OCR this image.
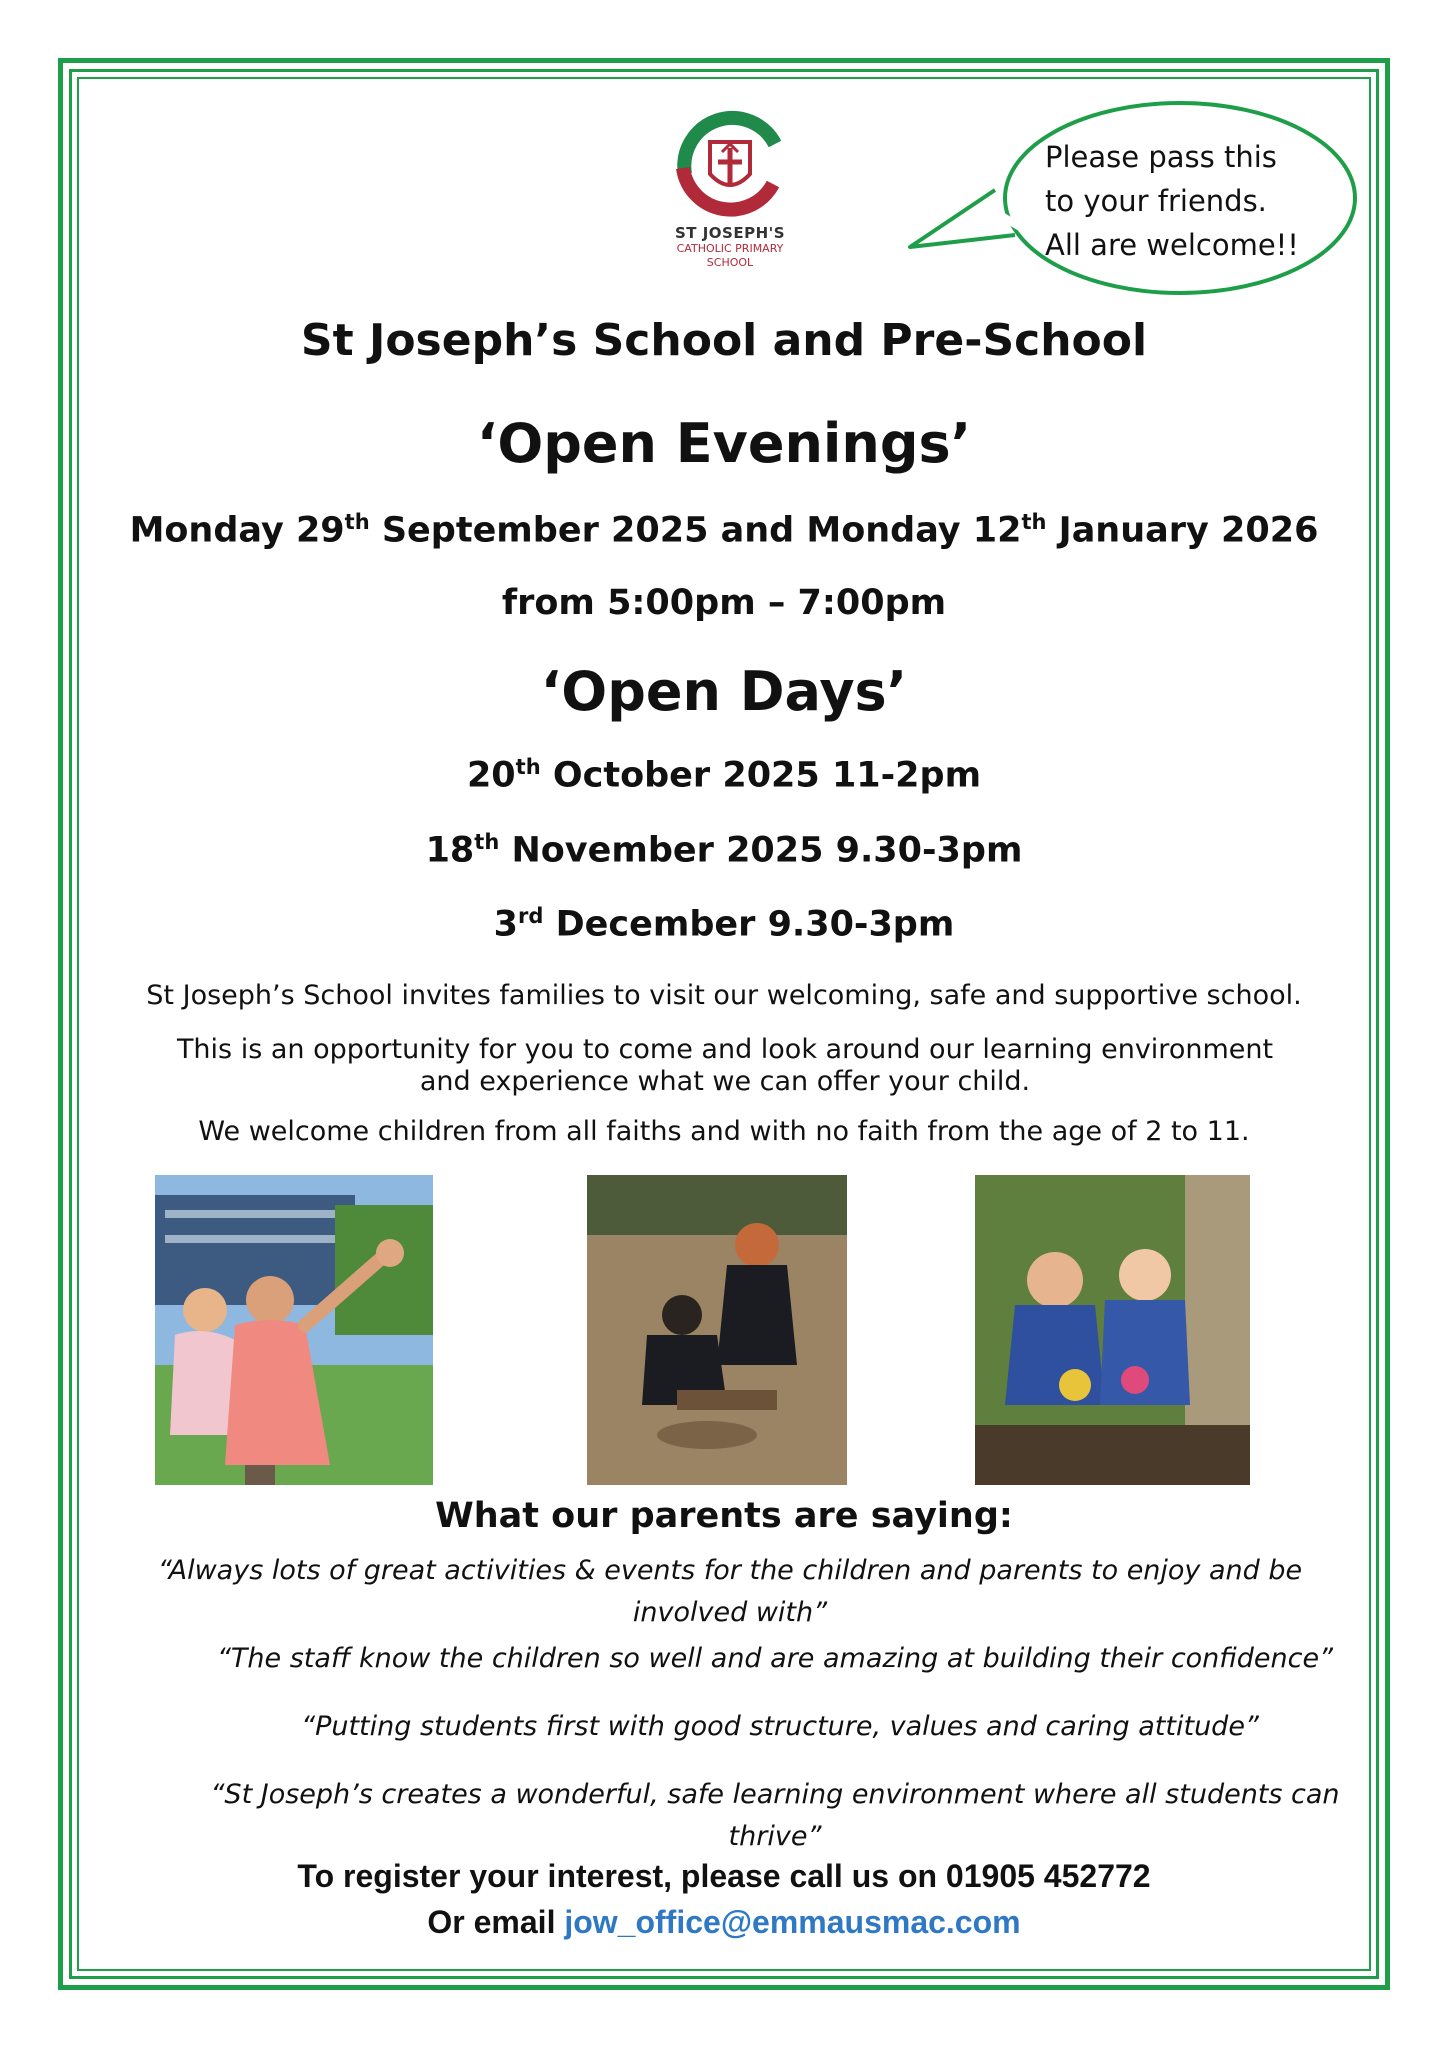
ST JOSEPH'S
CATHOLIC PRIMARY
SCHOOL
Please pass this
to your friends.
All are welcome!!
St Joseph’s School and Pre-School
‘Open Evenings’
Monday 29th September 2025 and Monday 12th January 2026
from 5:00pm – 7:00pm
‘Open Days’
20th October 2025 11-2pm
18th November 2025 9.30-3pm
3rd December 9.30-3pm
St Joseph’s School invites families to visit our welcoming, safe and supportive school.
This is an opportunity for you to come and look around our learning environment and experience what we can offer your child.
We welcome children from all faiths and with no faith from the age of 2 to 11.
What our parents are saying:
“Always lots of great activities & events for the children and parents to enjoy and be involved with”
“The staff know the children so well and are amazing at building their confidence”
“Putting students first with good structure, values and caring attitude”
“St Joseph’s creates a wonderful, safe learning environment where all students can thrive”
To register your interest, please call us on 01905 452772
Or email jow_office@emmausmac.com
